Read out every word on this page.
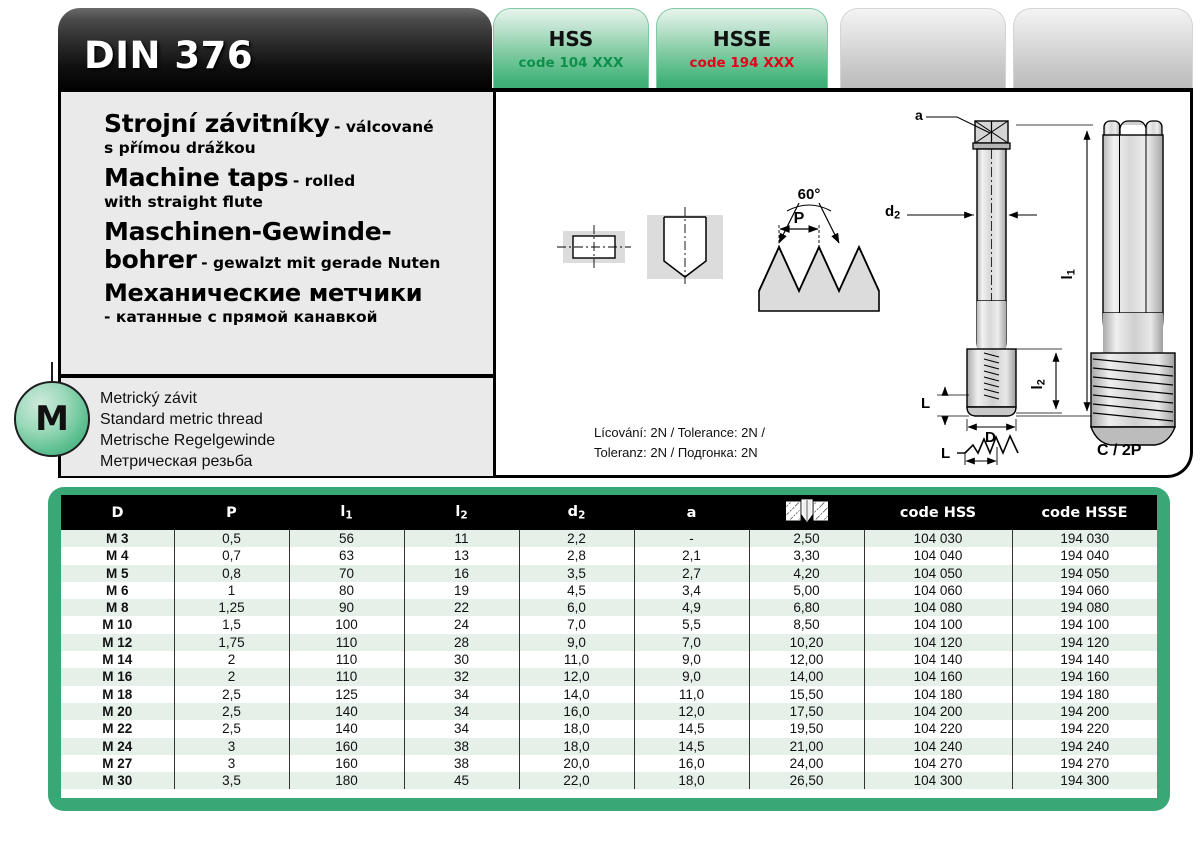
DIN 376	HSS
code 104 XXX
HSSE
code 194 XXX
Strojní závitníky - válcované
s přímou drážkou
Machine taps - rolled
with straight flute
Maschinen-Gewinde-
bohrer - gewalzt mit gerade Nuten
Механические метчики
- катанные с прямой канавкой
60°
P
a
$d_2$
$l_1$
$l_2$
L
D
L	C / 2P
Lícování: 2N / Tolerance: 2N /
Toleranz: 2N / Подгонка: 2N
M
Metrický závit
Standard metric thread
Metrische Regelgewinde
Метрическая резьба
D	P	$l_1$	$l_2$	$d_2$	a		code HSS	code HSSE
M 3	0,5	56	11	2,2	-	2,50	104 030	194 030
M 4	0,7	63	13	2,8	2,1	3,30	104 040	194 040
M 5	0,8	70	16	3,5	2,7	4,20	104 050	194 050
M 6	1	80	19	4,5	3,4	5,00	104 060	194 060
M 8	1,25	90	22	6,0	4,9	6,80	104 080	194 080
M 10	1,5	100	24	7,0	5,5	8,50	104 100	194 100
M 12	1,75	110	28	9,0	7,0	10,20	104 120	194 120
M 14	2	110	30	11,0	9,0	12,00	104 140	194 140
M 16	2	110	32	12,0	9,0	14,00	104 160	194 160
M 18	2,5	125	34	14,0	11,0	15,50	104 180	194 180
M 20	2,5	140	34	16,0	12,0	17,50	104 200	194 200
M 22	2,5	140	34	18,0	14,5	19,50	104 220	194 220
M 24	3	160	38	18,0	14,5	21,00	104 240	194 240
M 27	3	160	38	20,0	16,0	24,00	104 270	194 270
M 30	3,5	180	45	22,0	18,0	26,50	104 300	194 300
